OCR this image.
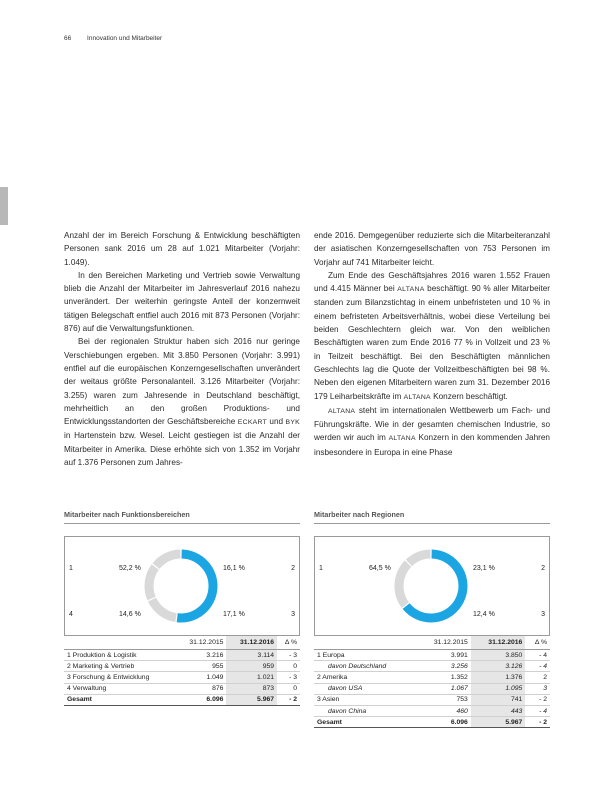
66 Innovation und Mitarbeiter

Anzahl der im Bereich Forschung & Entwicklung beschäftigten Personen sank 2016 um 28 auf 1.021 Mitarbeiter (Vorjahr: 1.049).

In den Bereichen Marketing und Vertrieb sowie Verwaltung blieb die Anzahl der Mitarbeiter im Jahresverlauf 2016 nahezu unverändert. Der weiterhin geringste Anteil der konzernweit tätigen Belegschaft entfiel auch 2016 mit 873 Personen (Vorjahr: 876) auf die Verwaltungsfunktionen.

Bei der regionalen Struktur haben sich 2016 nur geringe Verschiebungen ergeben. Mit 3.850 Personen (Vorjahr: 3.991) entfiel auf die europäischen Konzerngesellschaften unverändert der weitaus größte Personalanteil. 3.126 Mitarbeiter (Vorjahr: 3.255) waren zum Jahresende in Deutschland beschäftigt, mehrheitlich an den großen Produktions- und Entwicklungsstandorten der Geschäftsbereiche ECKART und BYK in Hartenstein bzw. Wesel. Leicht gestiegen ist die Anzahl der Mitarbeiter in Amerika. Diese erhöhte sich von 1.352 im Vorjahr auf 1.376 Personen zum Jahres-

ende 2016. Demgegenüber reduzierte sich die Mitarbeiteranzahl der asiatischen Konzerngesellschaften von 753 Personen im Vorjahr auf 741 Mitarbeiter leicht.

Zum Ende des Geschäftsjahres 2016 waren 1.552 Frauen und 4.415 Männer bei ALTANA beschäftigt. 90 % aller Mitarbeiter standen zum Bilanzstichtag in einem unbefristeten und 10 % in einem befristeten Arbeitsverhältnis, wobei diese Verteilung bei beiden Geschlechtern gleich war. Von den weiblichen Beschäftigten waren zum Ende 2016 77 % in Vollzeit und 23 % in Teilzeit beschäftigt. Bei den Beschäftigten männlichen Geschlechts lag die Quote der Vollzeitbeschäftigten bei 98 %. Neben den eigenen Mitarbeitern waren zum 31. Dezember 2016 179 Leiharbeitskräfte im ALTANA Konzern beschäftigt.

ALTANA steht im internationalen Wettbewerb um Fach- und Führungskräfte. Wie in der gesamten chemischen Industrie, so werden wir auch im ALTANA Konzern in den kommenden Jahren insbesondere in Europa in eine Phase

Mitarbeiter nach Funktionsbereichen
1	52,2 %	16,1 %	2
4	14,6 %	17,1 %	3
	31.12.2015	31.12.2016	Δ %
1 Produktion & Logistik	3.216	3.114	- 3
2 Marketing & Vertrieb	955	959	0
3 Forschung & Entwicklung	1.049	1.021	- 3
4 Verwaltung	876	873	0
Gesamt	6.096	5.967	- 2
Mitarbeiter nach Regionen
1	64,5 %	23,1 %	2
12,4 %	3
	31.12.2015	31.12.2016	Δ %
1 Europa	3.991	3.850	- 4
davon Deutschland	3.256	3.126	- 4
2 Amerika	1.352	1.376	2
davon USA	1.067	1.095	3
3 Asien	753	741	- 2
davon China	460	443	- 4
Gesamt	6.096	5.967	- 2
